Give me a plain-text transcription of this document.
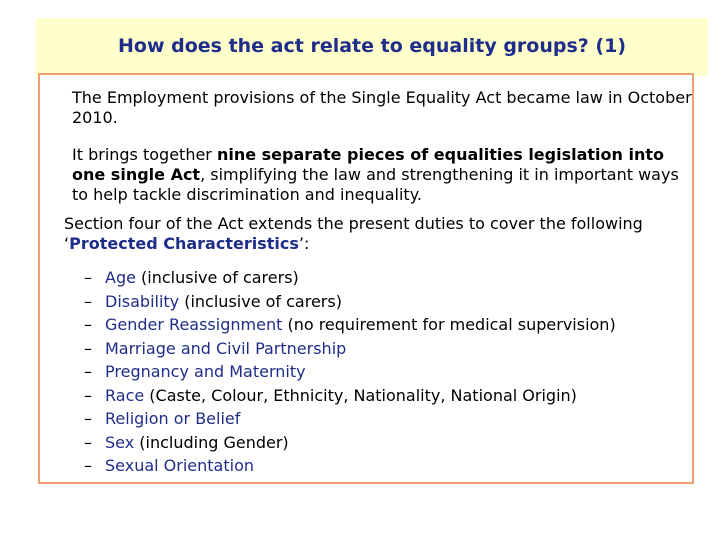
How does the act relate to equality groups? (1)
The Employment provisions of the Single Equality Act became law in October 2010.
It brings together nine separate pieces of equalities legislation into one single Act, simplifying the law and strengthening it in important ways to help tackle discrimination and inequality.
Section four of the Act extends the present duties to cover the following ‘Protected Characteristics’:
– Age (inclusive of carers)
– Disability (inclusive of carers)
– Gender Reassignment (no requirement for medical supervision)
– Marriage and Civil Partnership
– Pregnancy and Maternity
– Race (Caste, Colour, Ethnicity, Nationality, National Origin)
– Religion or Belief
– Sex (including Gender)
– Sexual Orientation
